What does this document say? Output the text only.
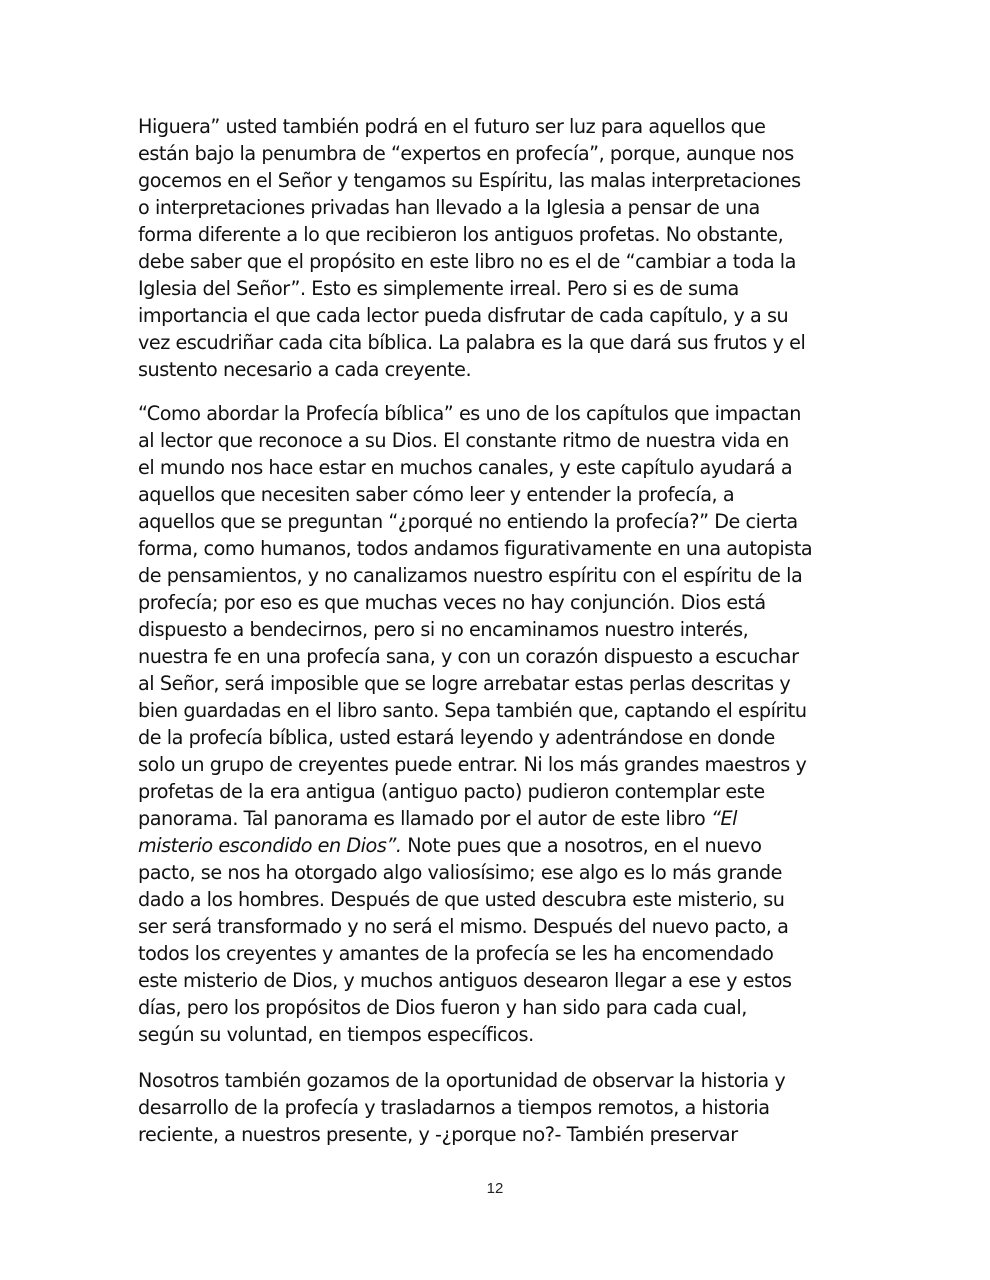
Higuera” usted también podrá en el futuro ser luz para aquellos que
están bajo la penumbra de “expertos en profecía”, porque, aunque nos
gocemos en el Señor y tengamos su Espíritu, las malas interpretaciones
o interpretaciones privadas han llevado a la Iglesia a pensar de una
forma diferente a lo que recibieron los antiguos profetas. No obstante,
debe saber que el propósito en este libro no es el de “cambiar a toda la
Iglesia del Señor”. Esto es simplemente irreal. Pero si es de suma
importancia el que cada lector pueda disfrutar de cada capítulo, y a su
vez escudriñar cada cita bíblica. La palabra es la que dará sus frutos y el
sustento necesario a cada creyente.

“Como abordar la Profecía bíblica” es uno de los capítulos que impactan
al lector que reconoce a su Dios. El constante ritmo de nuestra vida en
el mundo nos hace estar en muchos canales, y este capítulo ayudará a
aquellos que necesiten saber cómo leer y entender la profecía, a
aquellos que se preguntan “¿porqué no entiendo la profecía?” De cierta
forma, como humanos, todos andamos figurativamente en una autopista
de pensamientos, y no canalizamos nuestro espíritu con el espíritu de la
profecía; por eso es que muchas veces no hay conjunción. Dios está
dispuesto a bendecirnos, pero si no encaminamos nuestro interés,
nuestra fe en una profecía sana, y con un corazón dispuesto a escuchar
al Señor, será imposible que se logre arrebatar estas perlas descritas y
bien guardadas en el libro santo. Sepa también que, captando el espíritu
de la profecía bíblica, usted estará leyendo y adentrándose en donde
solo un grupo de creyentes puede entrar. Ni los más grandes maestros y
profetas de la era antigua (antiguo pacto) pudieron contemplar este
panorama. Tal panorama es llamado por el autor de este libro “El
misterio escondido en Dios”. Note pues que a nosotros, en el nuevo
pacto, se nos ha otorgado algo valiosísimo; ese algo es lo más grande
dado a los hombres. Después de que usted descubra este misterio, su
ser será transformado y no será el mismo. Después del nuevo pacto, a
todos los creyentes y amantes de la profecía se les ha encomendado
este misterio de Dios, y muchos antiguos desearon llegar a ese y estos
días, pero los propósitos de Dios fueron y han sido para cada cual,
según su voluntad, en tiempos específicos.

Nosotros también gozamos de la oportunidad de observar la historia y
desarrollo de la profecía y trasladarnos a tiempos remotos, a historia
reciente, a nuestros presente, y -¿porque no?- También preservar

12
